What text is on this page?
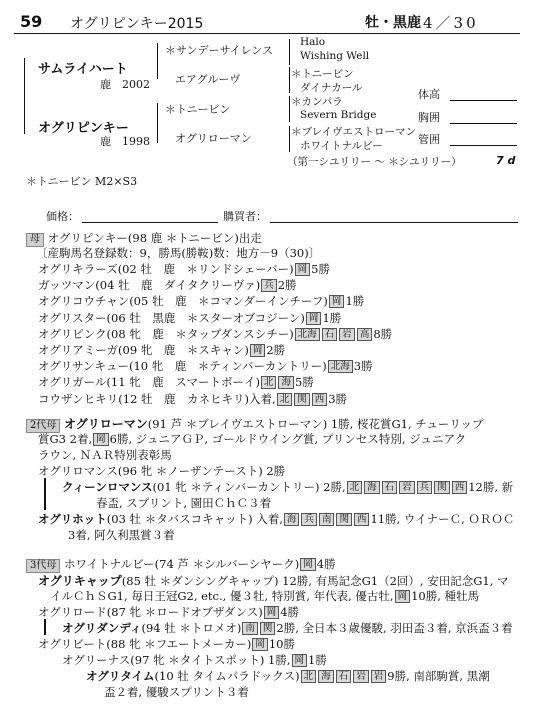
59 オグリピンキー2015	牡・黒鹿 4／30
サムライハート
鹿　2002
オグリピンキー
鹿　1998
＊サンデーサイレンス
エアグルーヴ
＊トニービン
オグリローマン
Halo
Wishing Well
＊トニービン
ダイナカール
＊カンパラ
Severn Bridge
＊ブレイヴエストローマン
ホワイトナルビー
（第一シユリリー ～ ＊シユリリー）	7 d
体高
胸囲
管囲
＊トニービン M2×S3
価格：	購買者：
母 オグリピンキー(98 鹿 ＊トニービン)出走
〔産駒馬名登録数：9，勝馬(勝鞍)数：地方－9（30)〕
オグリキラーズ(02 牡　鹿　＊リンドシェーバー) 岡 5勝
ガッツマン(04 牡　鹿　ダイタクリーヴァ) 兵 2勝
オグリコウチャン(05 牡　鹿　＊コマンダーインチーフ) 岡 1勝
オグリスター(06 牡　黒鹿　＊スターオブコジーン) 岡 1勝
オグリピンク(08 牝　鹿　＊タップダンスシチー) 北海 石 岩 高 8勝
オグリアミーガ(09 牝　鹿　＊スキャン) 岡 2勝
オグリサンキュー(10 牝　鹿　＊ティンバーカントリー) 北海 3勝
オグリガール(11 牝　鹿　スマートボーイ) 北 海 5勝
コウザンヒキリ(12 牡　鹿　カネヒキリ)入着, 北 関 西 3勝
2代母 オグリローマン(91 芦 ＊ブレイヴエストローマン) 1勝, 桜花賞G1, チューリップ
賞G3 2着, 岡 6勝, ジュニアＧＰ, ゴールドウイング賞, プリンセス特別, ジュニアク
ラウン, ＮＡＲ特別表彰馬
オグリロマンス(96 牝 ＊ノーザンテースト) 2勝
クィーンロマンス(01 牝 ＊ティンバーカントリー) 2勝, 北 海 石 岩 兵 関 西 12勝, 新
春盃, スプリント, 園田ＣｈＣ３着
オグリホット(03 牡 ＊タバスコキャット) 入着, 海 兵 南 関 西 11勝, ウイナーＣ, ＯＲＯＣ
3着, 阿久利黒賞３着
3代母 ホワイトナルビー(74 芦 ＊シルバーシヤーク) 岡 4勝
オグリキャップ(85 牡 ＊ダンシングキャップ) 12勝, 有馬記念G1（2回）, 安田記念G1, マ
イルＣｈＳG1, 毎日王冠G2, etc., 優３牡, 特別賞, 年代表, 優古牡, 岡 10勝, 種牡馬
オグリロード(87 牝 ＊ロードオブザダンス) 岡 4勝
オグリダンディ(94 牡 ＊トロメオ) 南 関 2勝, 全日本３歳優駿, 羽田盃３着, 京浜盃３着
オグリビート(88 牝 ＊フエートメーカー) 岡 10勝
オグリーナス(97 牝 ＊タイトスポット) 1勝, 岡 1勝
オグリタイム(10 牡 タイムパラドックス) 北 海 石 岩 岩 9勝, 南部駒賞, 黒潮
盃２着, 優駿スプリント３着
